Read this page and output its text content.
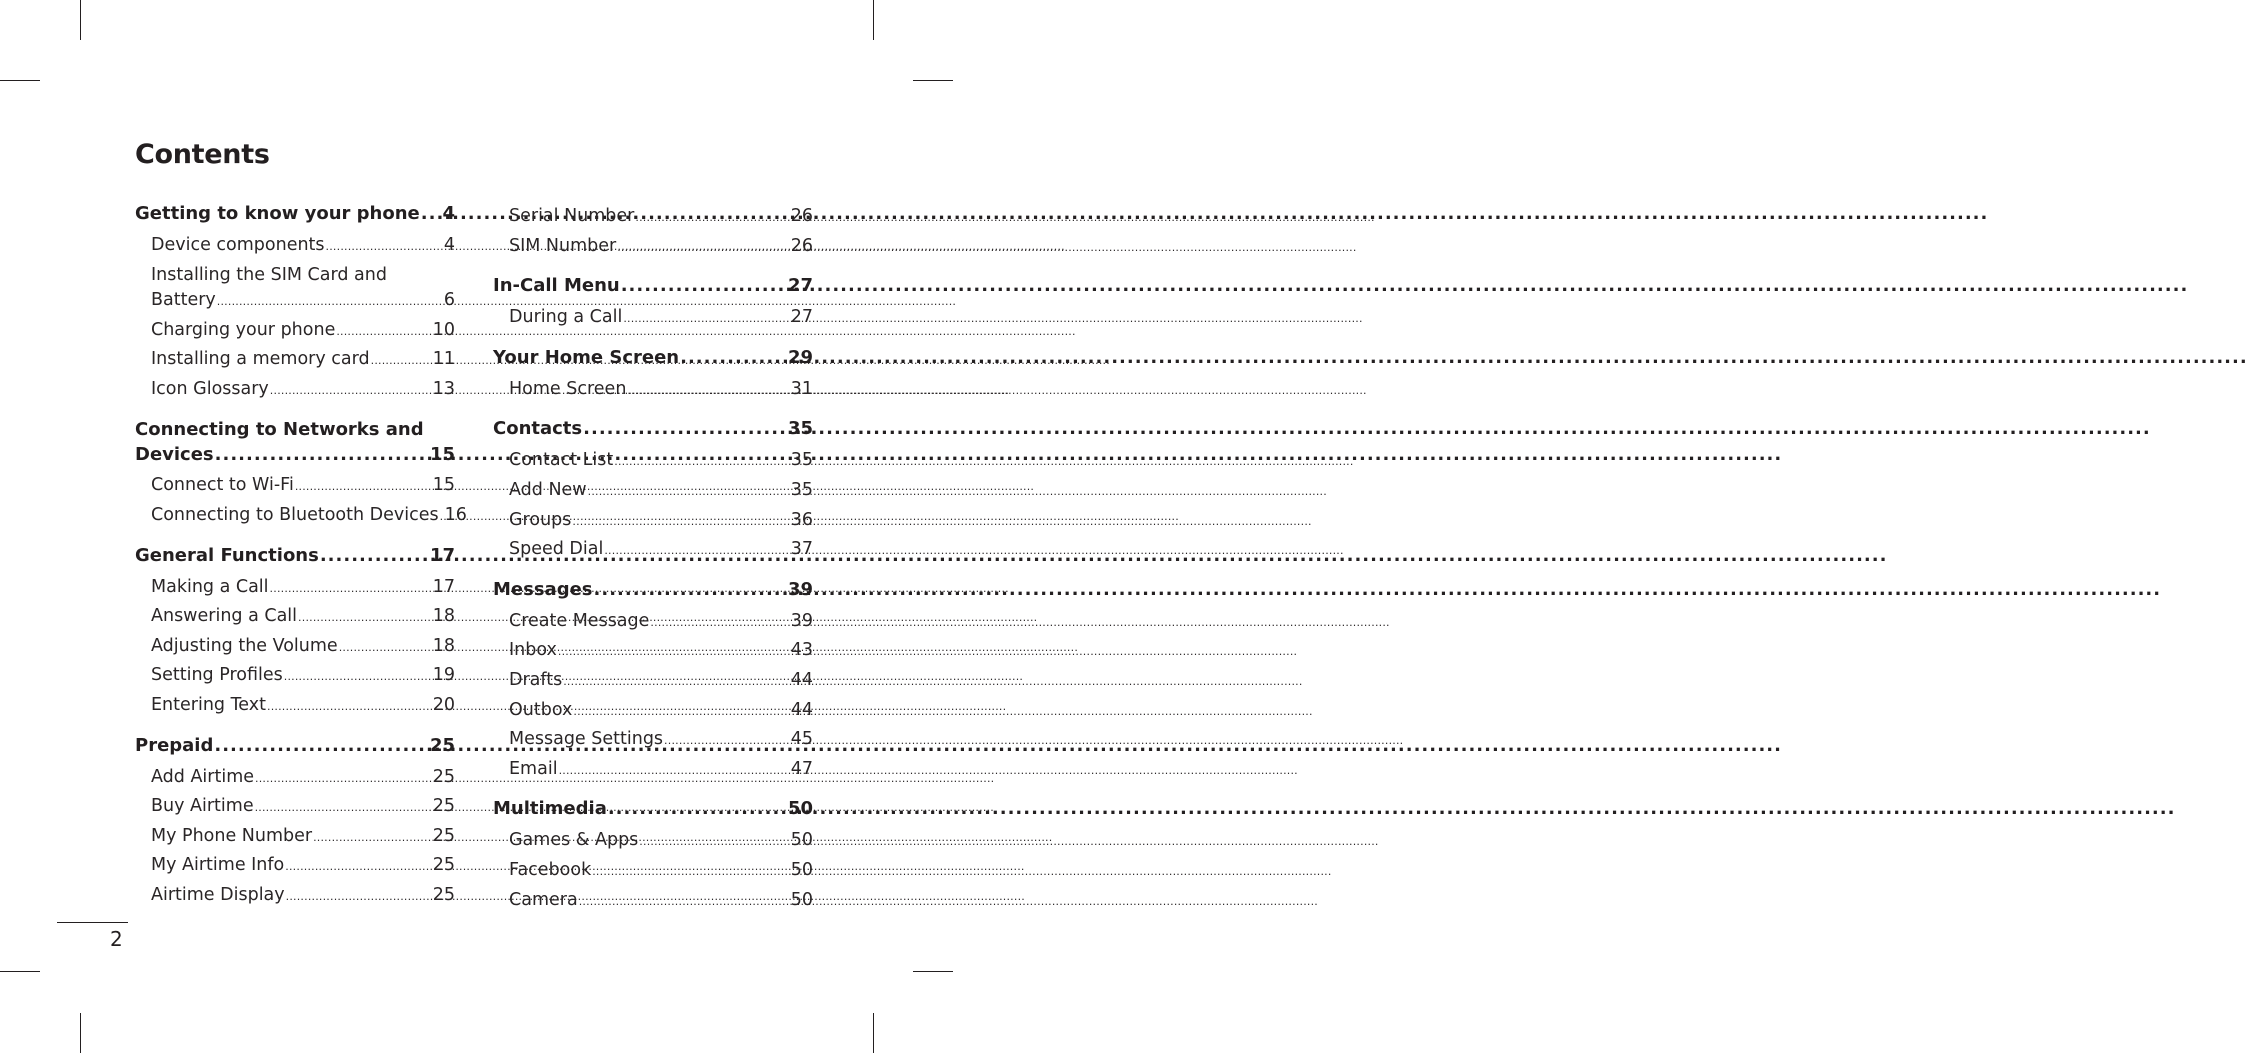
Contents
Getting to know your phone ..... 4
Device components .....	4
Installing the SIM Card and
Battery .....	6
Charging your phone .....	10
Installing a memory card .....	11
Icon Glossary .....	13
Connecting to Networks and
Devices .....	15
Connect to Wi-Fi .....	15
Connecting to Bluetooth Devices ..... 16
General Functions .....	17
Making a Call .....	17
Answering a Call .....	18
Adjusting the Volume .....	18
Setting Profiles .....	19
Entering Text .....	20
Prepaid .....	25
Add Airtime .....	25
Buy Airtime .....	25
My Phone Number .....	25
My Airtime Info .....	25
Airtime Display .....	25
Serial Number .....	26
SIM Number .....	26
In-Call Menu .....	27
During a Call .....	27
Your Home Screen .....	29
Home Screen .....	31
Contacts .....	35
Contact List .....	35
Add New .....	35
Groups .....	36
Speed Dial .....	37
Messages .....	39
Create Message .....	39
Inbox .....	43
Drafts .....	44
Outbox .....	44
Message Settings .....	45
Email .....	47
Multimedia .....	50
Games & Apps .....	50
Facebook .....	50
Camera .....	50
2
